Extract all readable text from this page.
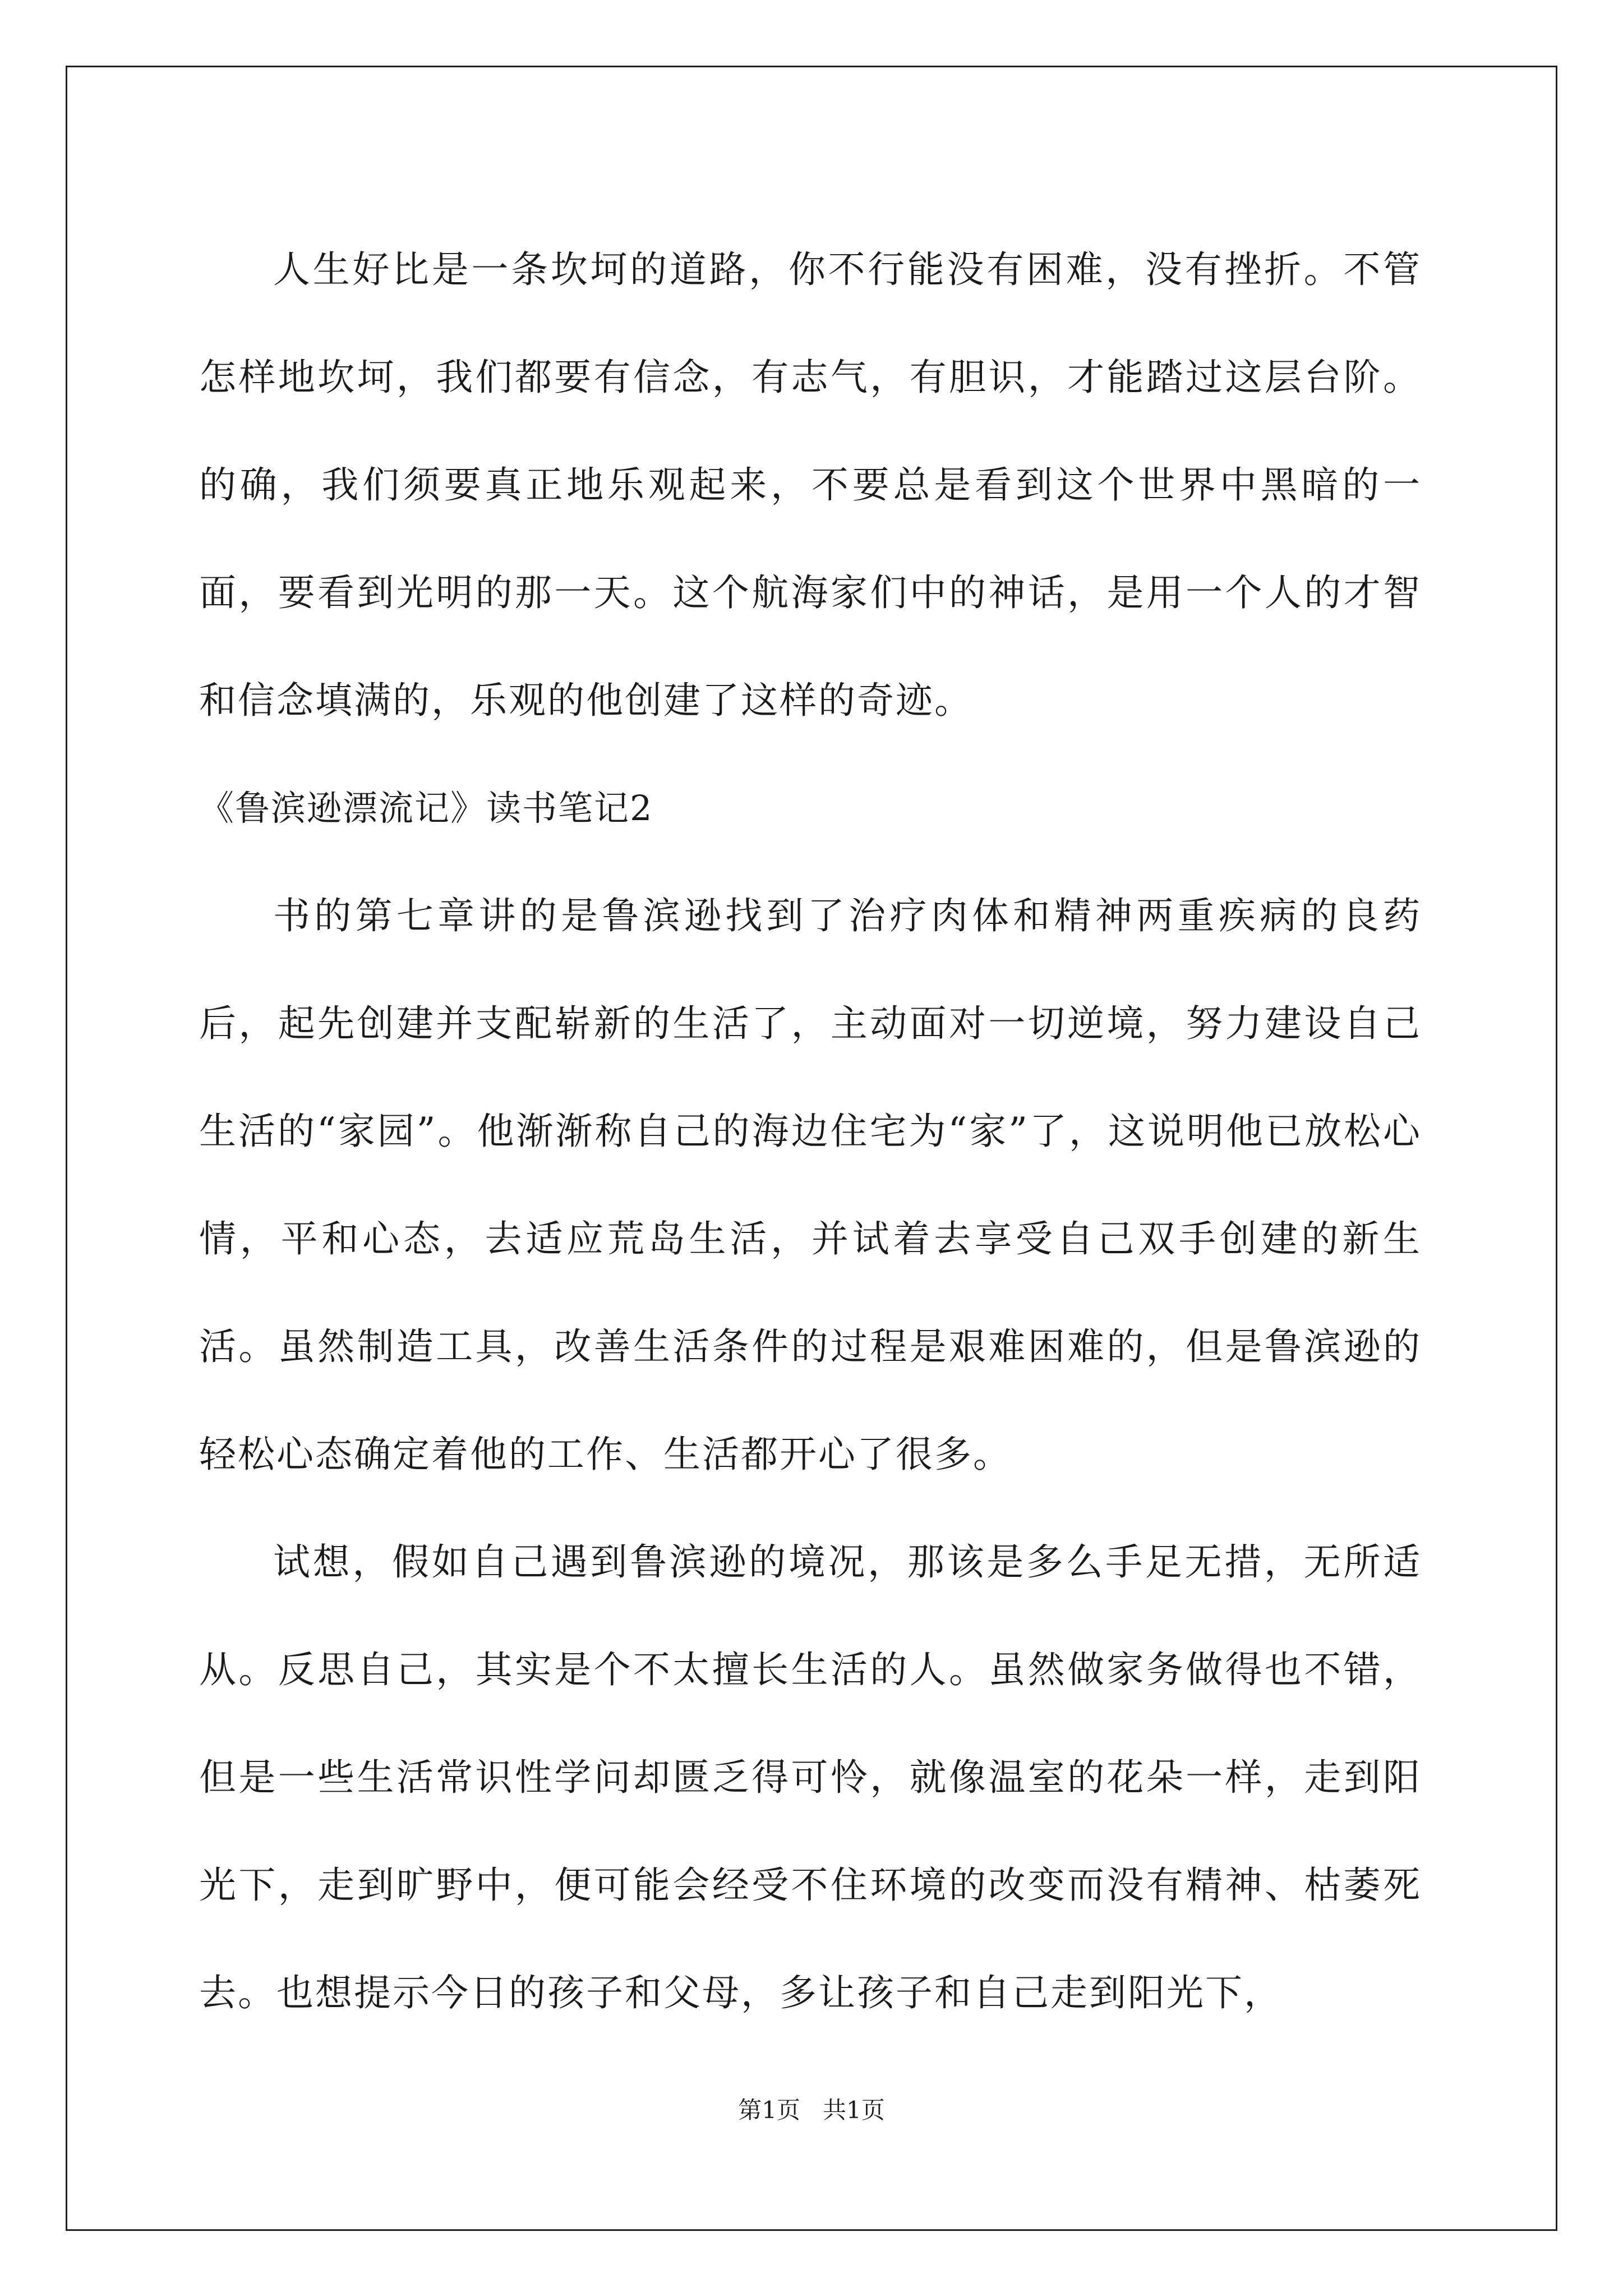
人生好比是一条坎坷的道路，你不行能没有困难，没有挫折。不管怎样地坎坷，我们都要有信念，有志气，有胆识，才能踏过这层台阶。的确，我们须要真正地乐观起来，不要总是看到这个世界中黑暗的一面，要看到光明的那一天。这个航海家们中的神话，是用一个人的才智和信念填满的，乐观的他创建了这样的奇迹。

《鲁滨逊漂流记》读书笔记2

书的第七章讲的是鲁滨逊找到了治疗肉体和精神两重疾病的良药后，起先创建并支配崭新的生活了，主动面对一切逆境，努力建设自己生活的“家园”。他渐渐称自己的海边住宅为“家”了，这说明他已放松心情，平和心态，去适应荒岛生活，并试着去享受自己双手创建的新生活。虽然制造工具，改善生活条件的过程是艰难困难的，但是鲁滨逊的轻松心态确定着他的工作、生活都开心了很多。

试想，假如自己遇到鲁滨逊的境况，那该是多么手足无措，无所适从。反思自己，其实是个不太擅长生活的人。虽然做家务做得也不错，但是一些生活常识性学问却匮乏得可怜，就像温室的花朵一样，走到阳光下，走到旷野中，便可能会经受不住环境的改变而没有精神、枯萎死去。也想提示今日的孩子和父母，多让孩子和自己走到阳光下，

第1页 共1页
